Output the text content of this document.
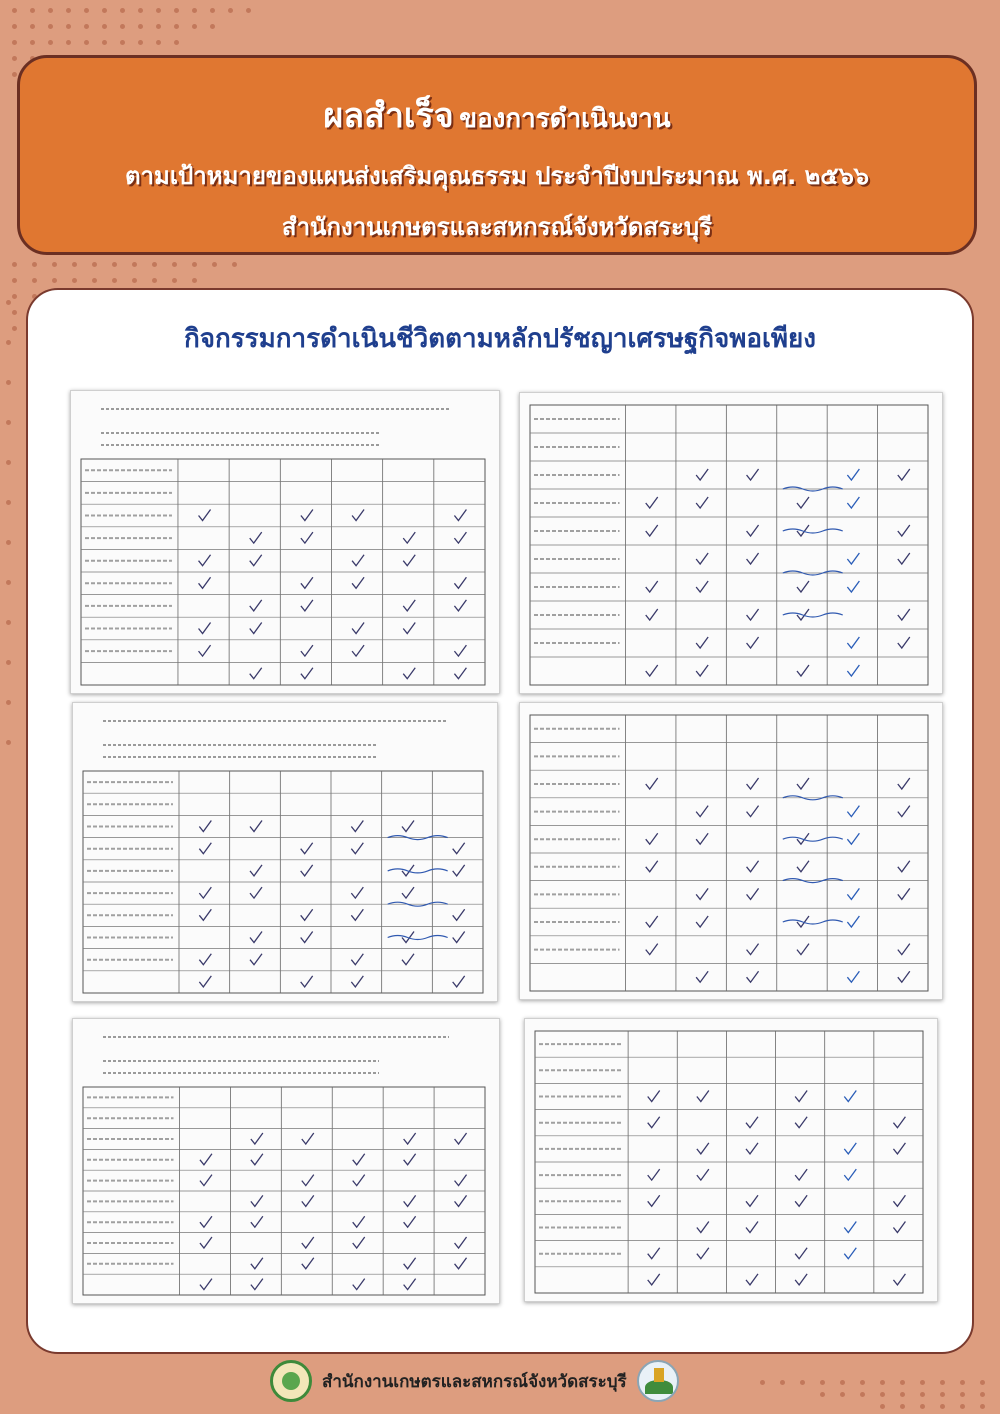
ผลสำเร็จ ของการดำเนินงาน
ตามเป้าหมายของแผนส่งเสริมคุณธรรม ประจำปีงบประมาณ พ.ศ. ๒๕๖๖
สำนักงานเกษตรและสหกรณ์จังหวัดสระบุรี
กิจกรรมการดำเนินชีวิตตามหลักปรัชญาเศรษฐกิจพอเพียง
สำนักงานเกษตรและสหกรณ์จังหวัดสระบุรี
